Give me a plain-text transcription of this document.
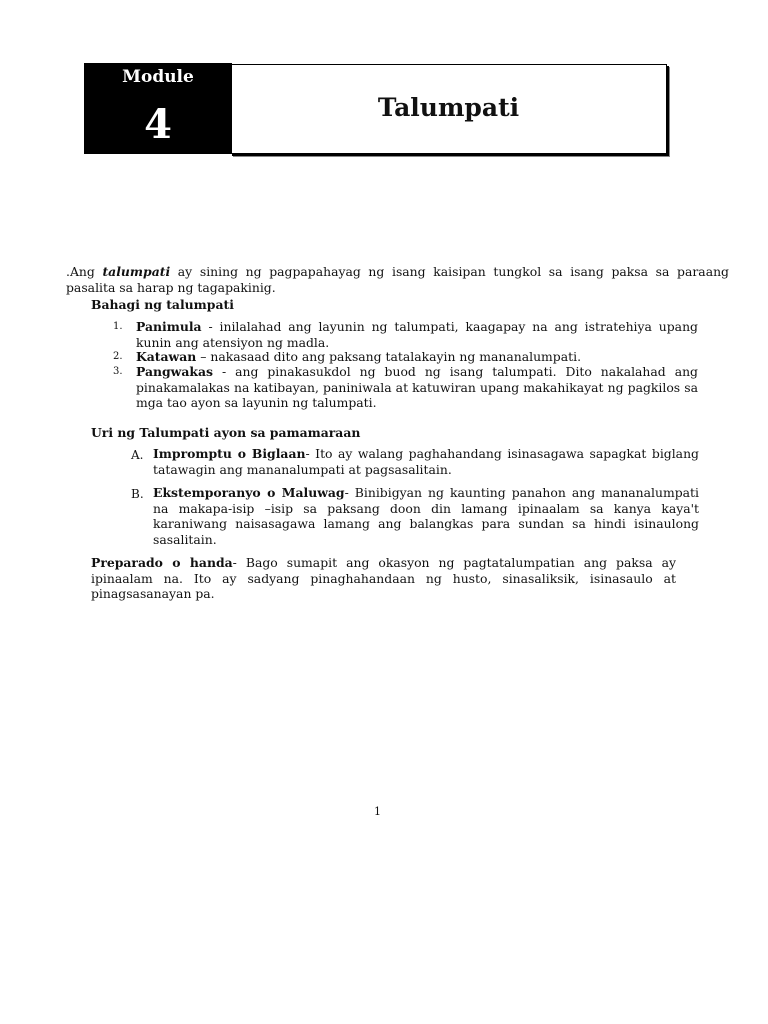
Module
4	Talumpati
.Ang talumpati ay sining ng pagpapahayag ng isang kaisipan tungkol sa isang paksa sa paraang pasalita sa harap ng tagapakinig.
Bahagi ng talumpati
1. Panimula - inilalahad ang layunin ng talumpati, kaagapay na ang istratehiya upang kunin ang atensiyon ng madla.
2. Katawan – nakasaad dito ang paksang tatalakayin ng mananalumpati.
3. Pangwakas - ang pinakasukdol ng buod ng isang talumpati. Dito nakalahad ang pinakamalakas na katibayan, paniniwala at katuwiran upang makahikayat ng pagkilos sa mga tao ayon sa layunin ng talumpati.
Uri ng Talumpati ayon sa pamamaraan
A. Impromptu o Biglaan- Ito ay walang paghahandang isinasagawa sapagkat biglang tatawagin ang mananalumpati at pagsasalitain.
B. Ekstemporanyo o Maluwag- Binibigyan ng kaunting panahon ang mananalumpati na makapa-isip –isip sa paksang doon din lamang ipinaalam sa kanya kaya't karaniwang naisasagawa lamang ang balangkas para sundan sa hindi isinaulong sasalitain.
Preparado o handa- Bago sumapit ang okasyon ng pagtatalumpatian ang paksa ay ipinaalam na. Ito ay sadyang pinaghahandaan ng husto, sinasaliksik, isinasaulo at pinagsasanayan pa.
1
